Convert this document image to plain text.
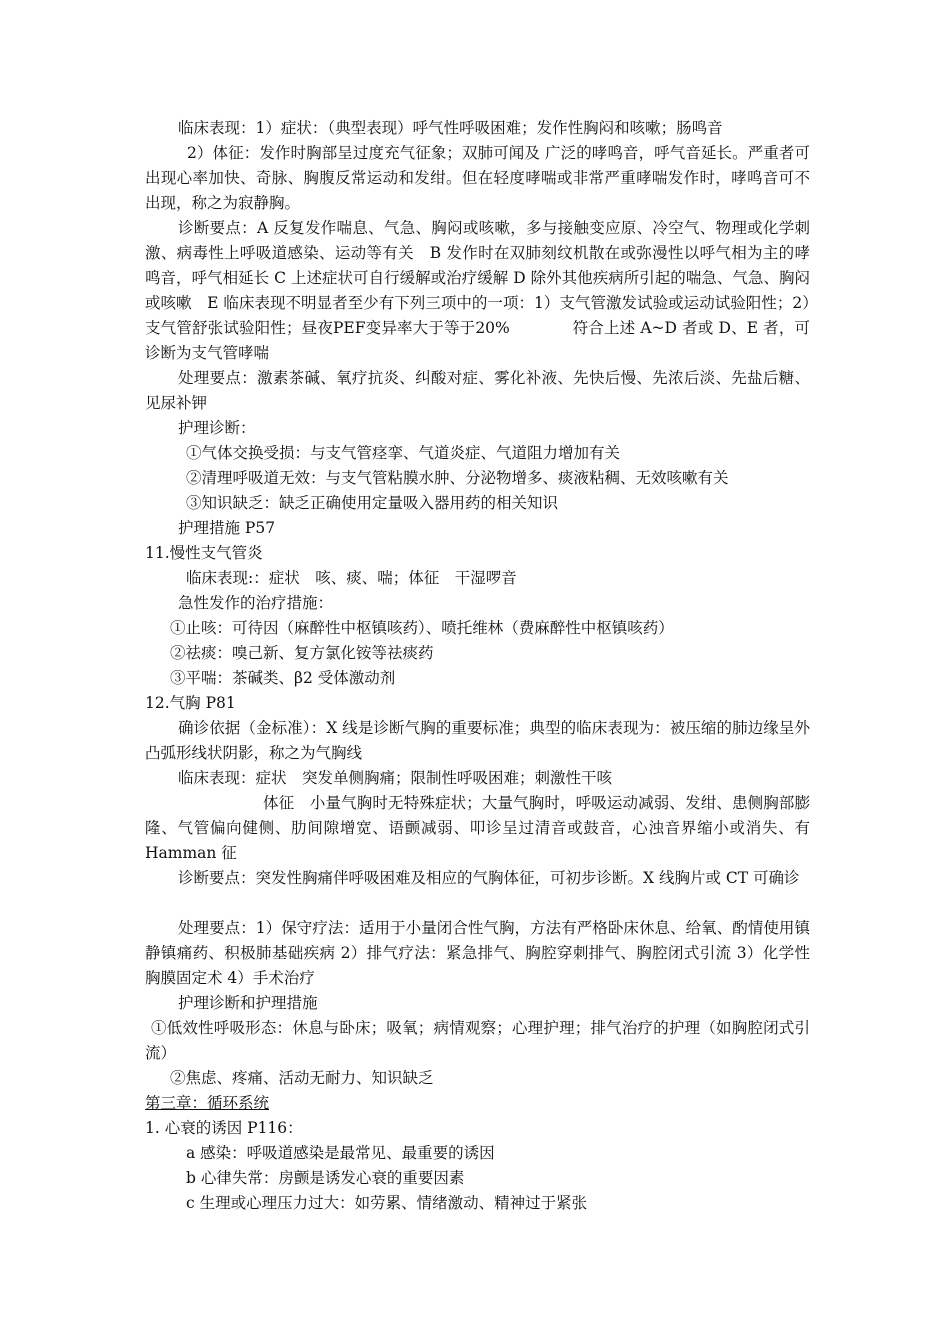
临床表现：1）症状：（典型表现）呼气性呼吸困难；发作性胸闷和咳嗽；肠鸣音
2）体征：发作时胸部呈过度充气征象；双肺可闻及 广泛的哮鸣音，呼气音延长。严重者可出现心率加快、奇脉、胸腹反常运动和发绀。但在轻度哮喘或非常严重哮喘发作时，哮鸣音可不出现，称之为寂静胸。
诊断要点：A 反复发作喘息、气急、胸闷或咳嗽，多与接触变应原、冷空气、物理或化学刺激、病毒性上呼吸道感染、运动等有关　B 发作时在双肺刻纹机散在或弥漫性以呼气相为主的哮鸣音，呼气相延长 C 上述症状可自行缓解或治疗缓解 D 除外其他疾病所引起的喘急、气急、胸闷或咳嗽　E 临床表现不明显者至少有下列三项中的一项：1）支气管激发试验或运动试验阳性；2）支气管舒张试验阳性；昼夜PEF变异率大于等于20%　　　　符合上述 A~D 者或 D、E 者，可诊断为支气管哮喘
处理要点：激素茶碱、氧疗抗炎、纠酸对症、雾化补液、先快后慢、先浓后淡、先盐后糖、见尿补钾
护理诊断：
①气体交换受损：与支气管痉挛、气道炎症、气道阻力增加有关
②清理呼吸道无效：与支气管粘膜水肿、分泌物增多、痰液粘稠、无效咳嗽有关
③知识缺乏：缺乏正确使用定量吸入器用药的相关知识
护理措施 P57
11.慢性支气管炎
临床表现:：症状　咳、痰、喘；体征　干湿啰音
急性发作的治疗措施：
①止咳：可待因（麻醉性中枢镇咳药）、喷托维林（费麻醉性中枢镇咳药）
②祛痰：嗅己新、复方氯化铵等祛痰药
③平喘：茶碱类、β2 受体激动剂
12.气胸 P81
确诊依据（金标准）：X 线是诊断气胸的重要标准；典型的临床表现为：被压缩的肺边缘呈外凸弧形线状阴影，称之为气胸线
临床表现：症状　突发单侧胸痛；限制性呼吸困难；刺激性干咳
体征　小量气胸时无特殊症状；大量气胸时，呼吸运动减弱、发绀、患侧胸部膨隆、气管偏向健侧、肋间隙增宽、语颤减弱、叩诊呈过清音或鼓音，心浊音界缩小或消失、有 Hamman 征
诊断要点：突发性胸痛伴呼吸困难及相应的气胸体征，可初步诊断。X 线胸片或 CT 可确诊
处理要点：1）保守疗法：适用于小量闭合性气胸，方法有严格卧床休息、给氧、酌情使用镇静镇痛药、积极肺基础疾病 2）排气疗法：紧急排气、胸腔穿刺排气、胸腔闭式引流 3）化学性胸膜固定术 4）手术治疗
护理诊断和护理措施
①低效性呼吸形态：休息与卧床；吸氧；病情观察；心理护理；排气治疗的护理（如胸腔闭式引流）
②焦虑、疼痛、活动无耐力、知识缺乏
第三章：循环系统
1. 心衰的诱因 P116：
a 感染：呼吸道感染是最常见、最重要的诱因
b 心律失常：房颤是诱发心衰的重要因素
c 生理或心理压力过大：如劳累、情绪激动、精神过于紧张
